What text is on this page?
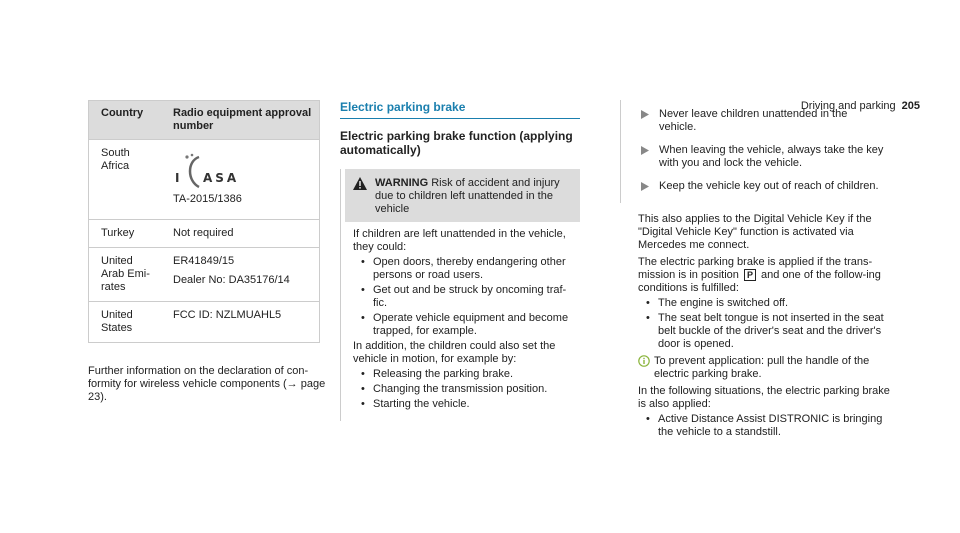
Driving and parking 205
Country	Radio equipment approval number
South Africa	I ASA
TA-2015/1386

Turkey	Not required
United Arab Emi-rates	ER41849/15
Dealer No: DA35176/14

United States	FCC ID: NZLMUAHL5
Further information on the declaration of con-formity for wireless vehicle components (→ page 23).
Electric parking brake
Electric parking brake function (applying automatically)
WARNING Risk of accident and injury due to children left unattended in the vehicle
If children are left unattended in the vehicle, they could:
• Open doors, thereby endangering other persons or road users.
• Get out and be struck by oncoming traf-fic.
• Operate vehicle equipment and become trapped, for example.
In addition, the children could also set the vehicle in motion, for example by:
• Releasing the parking brake.
• Changing the transmission position.
• Starting the vehicle.
Never leave children unattended in the vehicle.
When leaving the vehicle, always take the key with you and lock the vehicle.
Keep the vehicle key out of reach of children.
This also applies to the Digital Vehicle Key if the "Digital Vehicle Key" function is activated via Mercedes me connect.
The electric parking brake is applied if the trans-mission is in position P and one of the follow-ing conditions is fulfilled:
• The engine is switched off.
• The seat belt tongue is not inserted in the seat belt buckle of the driver's seat and the driver's door is opened.
To prevent application: pull the handle of the electric parking brake.
In the following situations, the electric parking brake is also applied:
• Active Distance Assist DISTRONIC is bringing the vehicle to a standstill.
